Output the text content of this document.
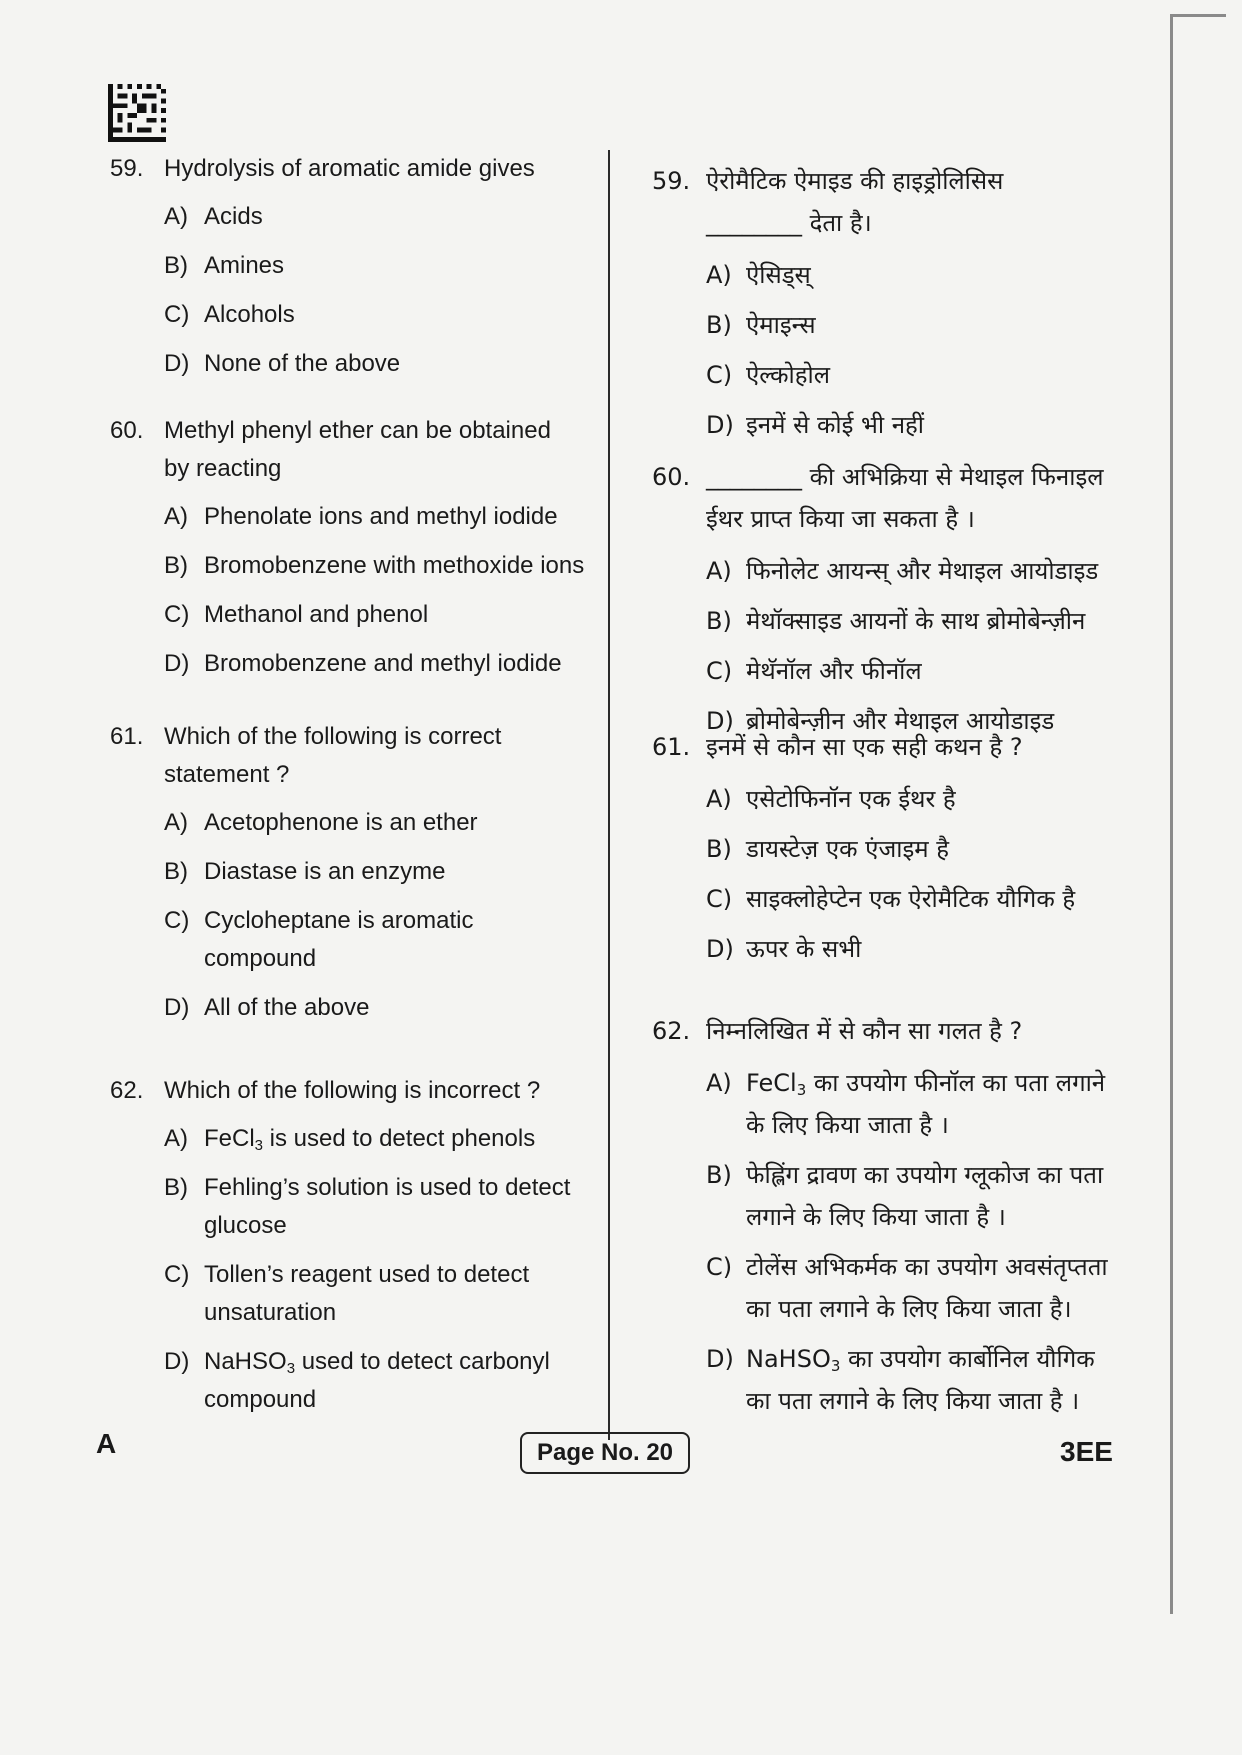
59. Hydrolysis of aromatic amide gives
A) Acids
B) Amines
C) Alcohols
D) None of the above
60. Methyl phenyl ether can be obtained by reacting
A) Phenolate ions and methyl iodide
B) Bromobenzene with methoxide ions
C) Methanol and phenol
D) Bromobenzene and methyl iodide
61. Which of the following is correct statement ?
A) Acetophenone is an ether
B) Diastase is an enzyme
C) Cycloheptane is aromatic compound
D) All of the above
62. Which of the following is incorrect ?
A) FeCl$_3$ is used to detect phenols
B) Fehling’s solution is used to detect glucose
C) Tollen’s reagent used to detect unsaturation
D) NaHSO$_3$ used to detect carbonyl compound
59. ऐरोमैटिक ऐमाइड की हाइड्रोलिसिस ________ देता है।
A) ऐसिड्स्
B) ऐमाइन्स
C) ऐल्कोहोल
D) इनमें से कोई भी नहीं
60. ________ की अभिक्रिया से मेथाइल फिनाइल ईथर प्राप्त किया जा सकता है ।
A) फिनोलेट आयन्स् और मेथाइल आयोडाइड
B) मेथॉक्साइड आयनों के साथ ब्रोमोबेन्ज़ीन
C) मेथॅनॉल और फीनॉल
D) ब्रोमोबेन्ज़ीन और मेथाइल आयोडाइड
61. इनमें से कौन सा एक सही कथन है ?
A) एसेटोफिनॉन एक ईथर है
B) डायस्टेज़ एक एंजाइम है
C) साइक्लोहेप्टेन एक ऐरोमैटिक यौगिक है
D) ऊपर के सभी
62. निम्नलिखित में से कौन सा गलत है ?
A) FeCl$_3$ का उपयोग फीनॉल का पता लगाने के लिए किया जाता है ।
B) फेह्लिंग द्रावण का उपयोग ग्लूकोज का पता लगाने के लिए किया जाता है ।
C) टोलेंस अभिकर्मक का उपयोग अवसंतृप्तता का पता लगाने के लिए किया जाता है।
D) NaHSO$_3$ का उपयोग कार्बोनिल यौगिक का पता लगाने के लिए किया जाता है ।
A	Page No. 20	3EE
